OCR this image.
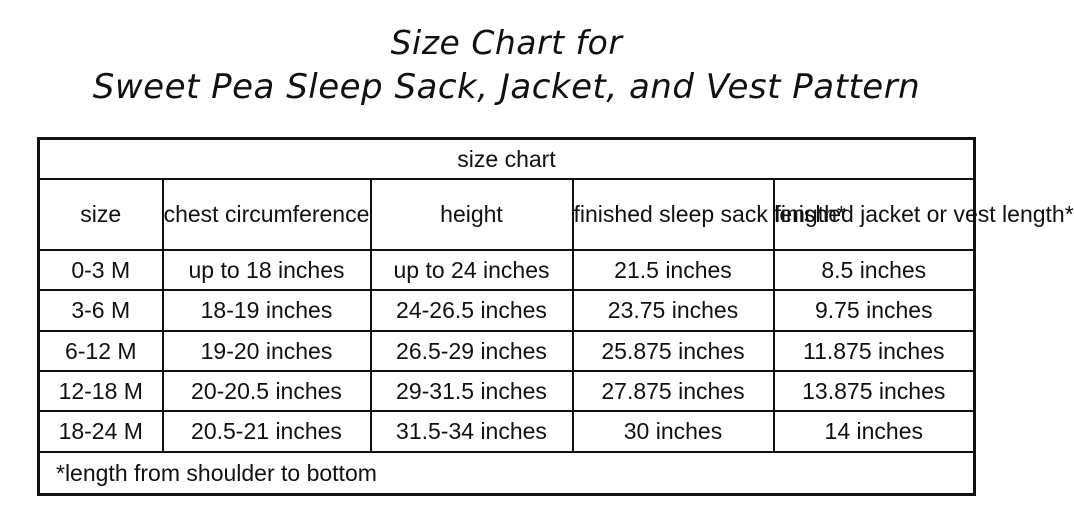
Size Chart for
Sweet Pea Sleep Sack, Jacket, and Vest Pattern
size chart				
size	chest circumference	height	finished sleep sack length*	finished jacket or vest length*
0-3 M	up to 18 inches	up to 24 inches	21.5 inches	8.5 inches
3-6 M	18-19 inches	24-26.5 inches	23.75 inches	9.75 inches
6-12 M	19-20 inches	26.5-29 inches	25.875 inches	11.875 inches
12-18 M	20-20.5 inches	29-31.5 inches	27.875 inches	13.875 inches
18-24 M	20.5-21 inches	31.5-34 inches	30 inches	14 inches
*length from shoulder to bottom				
